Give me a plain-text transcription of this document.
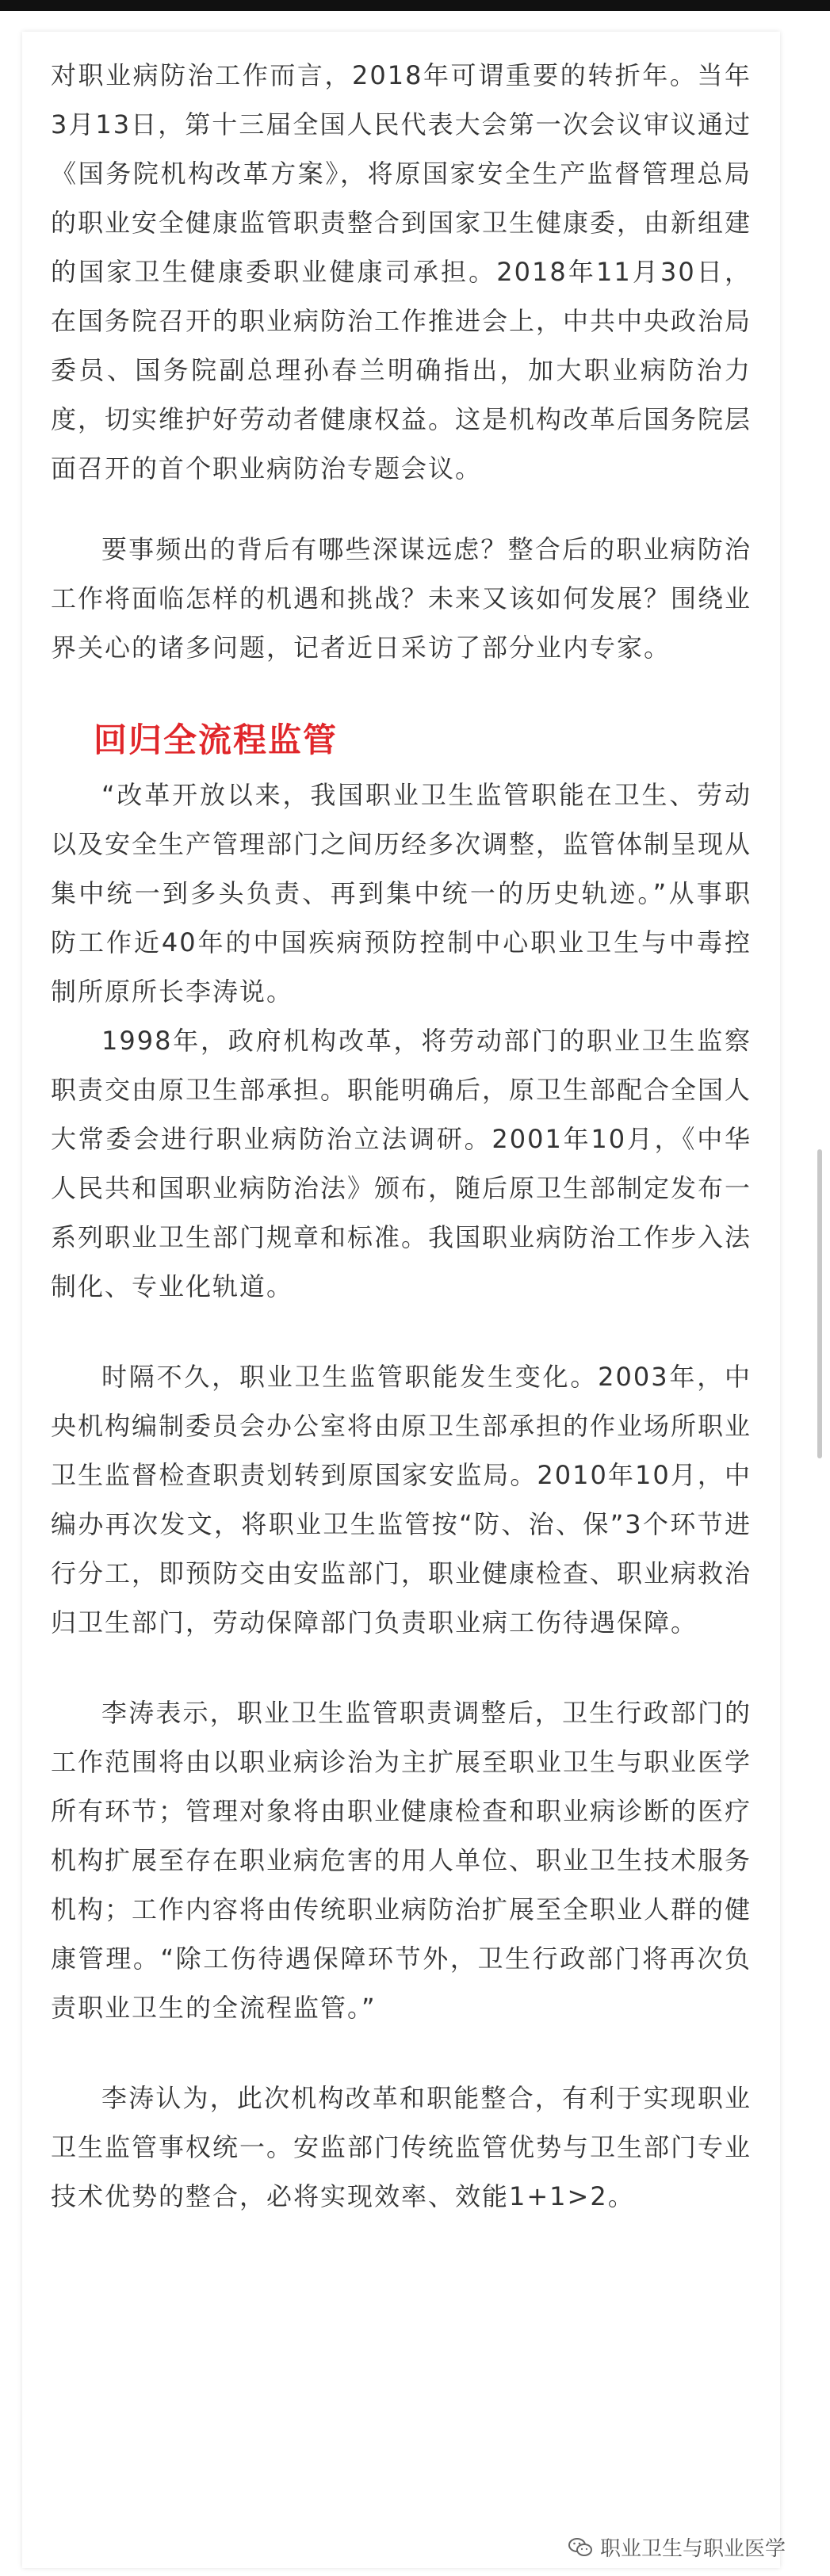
对职业病防治工作而言，2018年可谓重要的转折年。当年3月13日，第十三届全国人民代表大会第一次会议审议通过《国务院机构改革方案》，将原国家安全生产监督管理总局的职业安全健康监管职责整合到国家卫生健康委，由新组建的国家卫生健康委职业健康司承担。2018年11月30日，在国务院召开的职业病防治工作推进会上，中共中央政治局委员、国务院副总理孙春兰明确指出，加大职业病防治力度，切实维护好劳动者健康权益。这是机构改革后国务院层面召开的首个职业病防治专题会议。

要事频出的背后有哪些深谋远虑？整合后的职业病防治工作将面临怎样的机遇和挑战？未来又该如何发展？围绕业界关心的诸多问题，记者近日采访了部分业内专家。

回归全流程监管

“改革开放以来，我国职业卫生监管职能在卫生、劳动以及安全生产管理部门之间历经多次调整，监管体制呈现从集中统一到多头负责、再到集中统一的历史轨迹。”从事职防工作近40年的中国疾病预防控制中心职业卫生与中毒控制所原所长李涛说。

1998年，政府机构改革，将劳动部门的职业卫生监察职责交由原卫生部承担。职能明确后，原卫生部配合全国人大常委会进行职业病防治立法调研。2001年10月，《中华人民共和国职业病防治法》颁布，随后原卫生部制定发布一系列职业卫生部门规章和标准。我国职业病防治工作步入法制化、专业化轨道。

时隔不久，职业卫生监管职能发生变化。2003年，中央机构编制委员会办公室将由原卫生部承担的作业场所职业卫生监督检查职责划转到原国家安监局。2010年10月，中编办再次发文，将职业卫生监管按“防、治、保”3个环节进行分工，即预防交由安监部门，职业健康检查、职业病救治归卫生部门，劳动保障部门负责职业病工伤待遇保障。

李涛表示，职业卫生监管职责调整后，卫生行政部门的工作范围将由以职业病诊治为主扩展至职业卫生与职业医学所有环节；管理对象将由职业健康检查和职业病诊断的医疗机构扩展至存在职业病危害的用人单位、职业卫生技术服务机构；工作内容将由传统职业病防治扩展至全职业人群的健康管理。“除工伤待遇保障环节外，卫生行政部门将再次负责职业卫生的全流程监管。”

李涛认为，此次机构改革和职能整合，有利于实现职业卫生监管事权统一。安监部门传统监管优势与卫生部门专业技术优势的整合，必将实现效率、效能1+1>2。

职业卫生与职业医学
